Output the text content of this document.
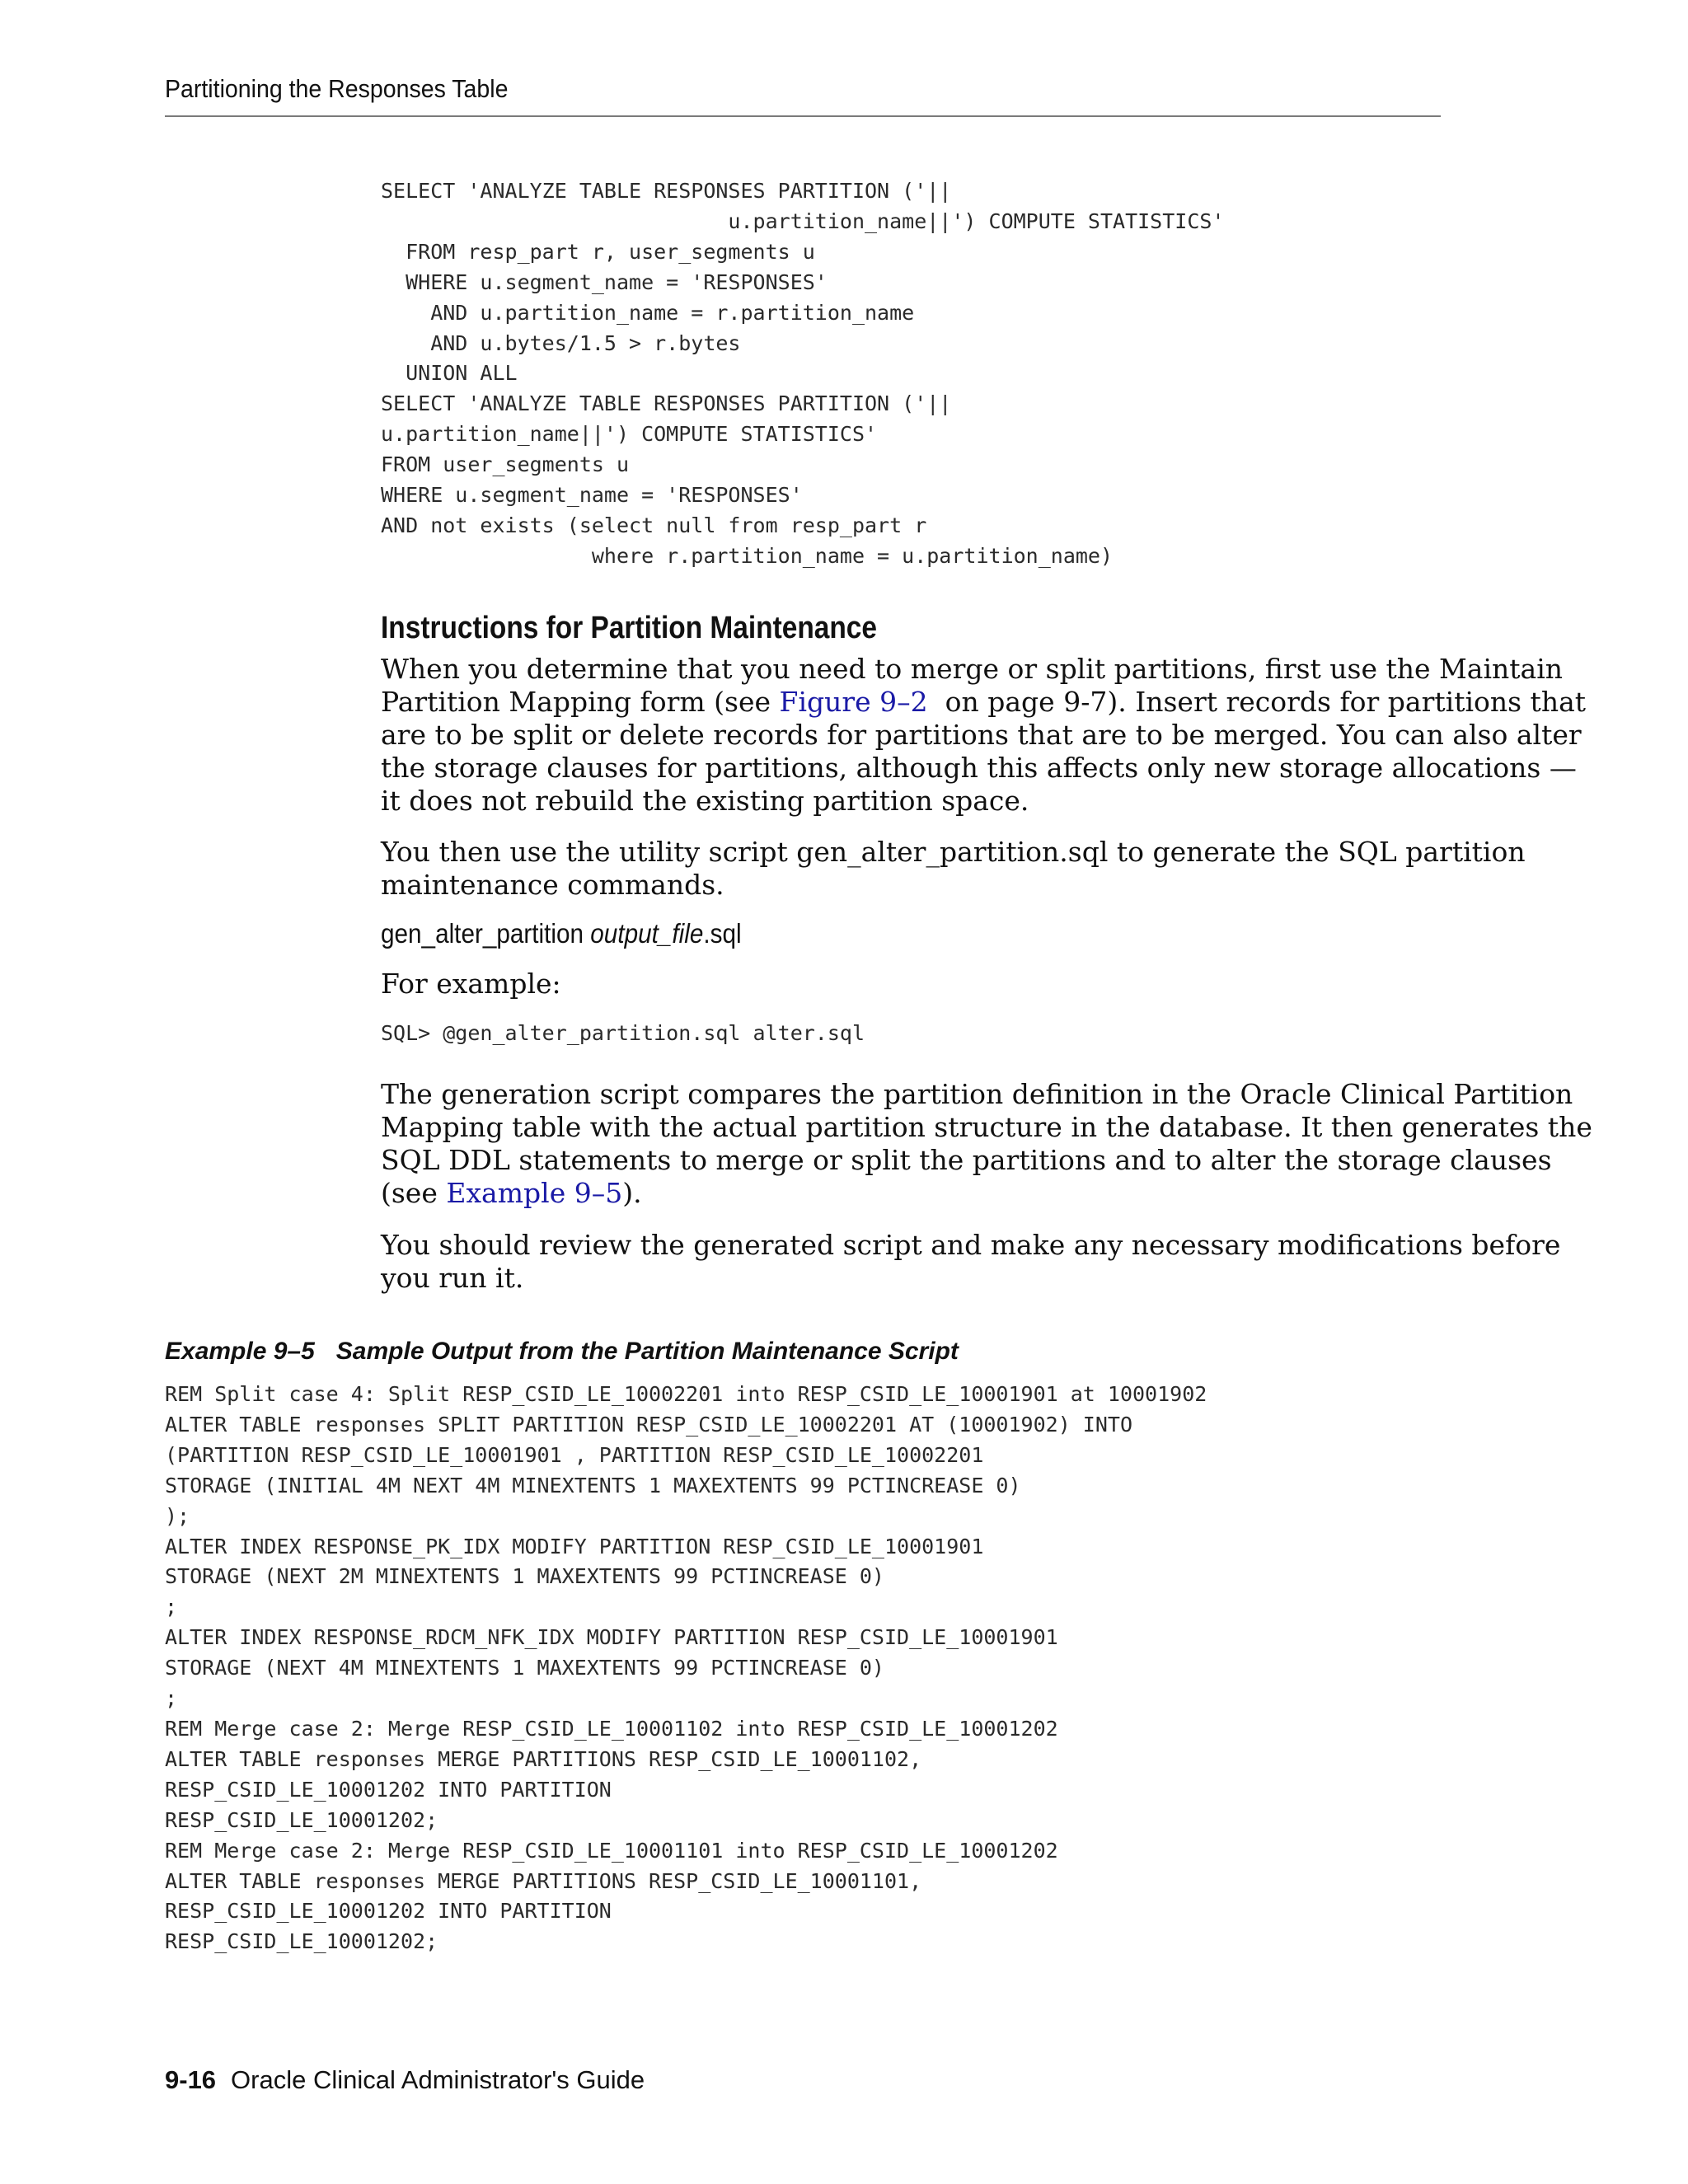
Partitioning the Responses Table
SELECT 'ANALYZE TABLE RESPONSES PARTITION ('||
u.partition_name||') COMPUTE STATISTICS'
FROM resp_part r, user_segments u
WHERE u.segment_name = 'RESPONSES'
AND u.partition_name = r.partition_name
AND u.bytes/1.5 > r.bytes
UNION ALL
SELECT 'ANALYZE TABLE RESPONSES PARTITION ('||
u.partition_name||') COMPUTE STATISTICS'
FROM user_segments u
WHERE u.segment_name = 'RESPONSES'
AND not exists (select null from resp_part r
where r.partition_name = u.partition_name)
Instructions for Partition Maintenance

When you determine that you need to merge or split partitions, first use the Maintain
Partition Mapping form (see Figure 9–2  on page 9-7). Insert records for partitions that
are to be split or delete records for partitions that are to be merged. You can also alter
the storage clauses for partitions, although this affects only new storage allocations —
it does not rebuild the existing partition space.

You then use the utility script gen_alter_partition.sql to generate the SQL partition
maintenance commands.

gen_alter_partition output_file.sql

For example:

SQL> @gen_alter_partition.sql alter.sql

The generation script compares the partition definition in the Oracle Clinical Partition
Mapping table with the actual partition structure in the database. It then generates the
SQL DDL statements to merge or split the partitions and to alter the storage clauses
(see Example 9–5).

You should review the generated script and make any necessary modifications before
you run it.

Example 9–5 Sample Output from the Partition Maintenance Script
REM Split case 4: Split RESP_CSID_LE_10002201 into RESP_CSID_LE_10001901 at 10001902
ALTER TABLE responses SPLIT PARTITION RESP_CSID_LE_10002201 AT (10001902) INTO
(PARTITION RESP_CSID_LE_10001901 , PARTITION RESP_CSID_LE_10002201
STORAGE (INITIAL 4M NEXT 4M MINEXTENTS 1 MAXEXTENTS 99 PCTINCREASE 0)
);
ALTER INDEX RESPONSE_PK_IDX MODIFY PARTITION RESP_CSID_LE_10001901
STORAGE (NEXT 2M MINEXTENTS 1 MAXEXTENTS 99 PCTINCREASE 0)
;
ALTER INDEX RESPONSE_RDCM_NFK_IDX MODIFY PARTITION RESP_CSID_LE_10001901
STORAGE (NEXT 4M MINEXTENTS 1 MAXEXTENTS 99 PCTINCREASE 0)
;
REM Merge case 2: Merge RESP_CSID_LE_10001102 into RESP_CSID_LE_10001202
ALTER TABLE responses MERGE PARTITIONS RESP_CSID_LE_10001102,
RESP_CSID_LE_10001202 INTO PARTITION
RESP_CSID_LE_10001202;
REM Merge case 2: Merge RESP_CSID_LE_10001101 into RESP_CSID_LE_10001202
ALTER TABLE responses MERGE PARTITIONS RESP_CSID_LE_10001101,
RESP_CSID_LE_10001202 INTO PARTITION
RESP_CSID_LE_10001202;
9-16 Oracle Clinical Administrator's Guide
